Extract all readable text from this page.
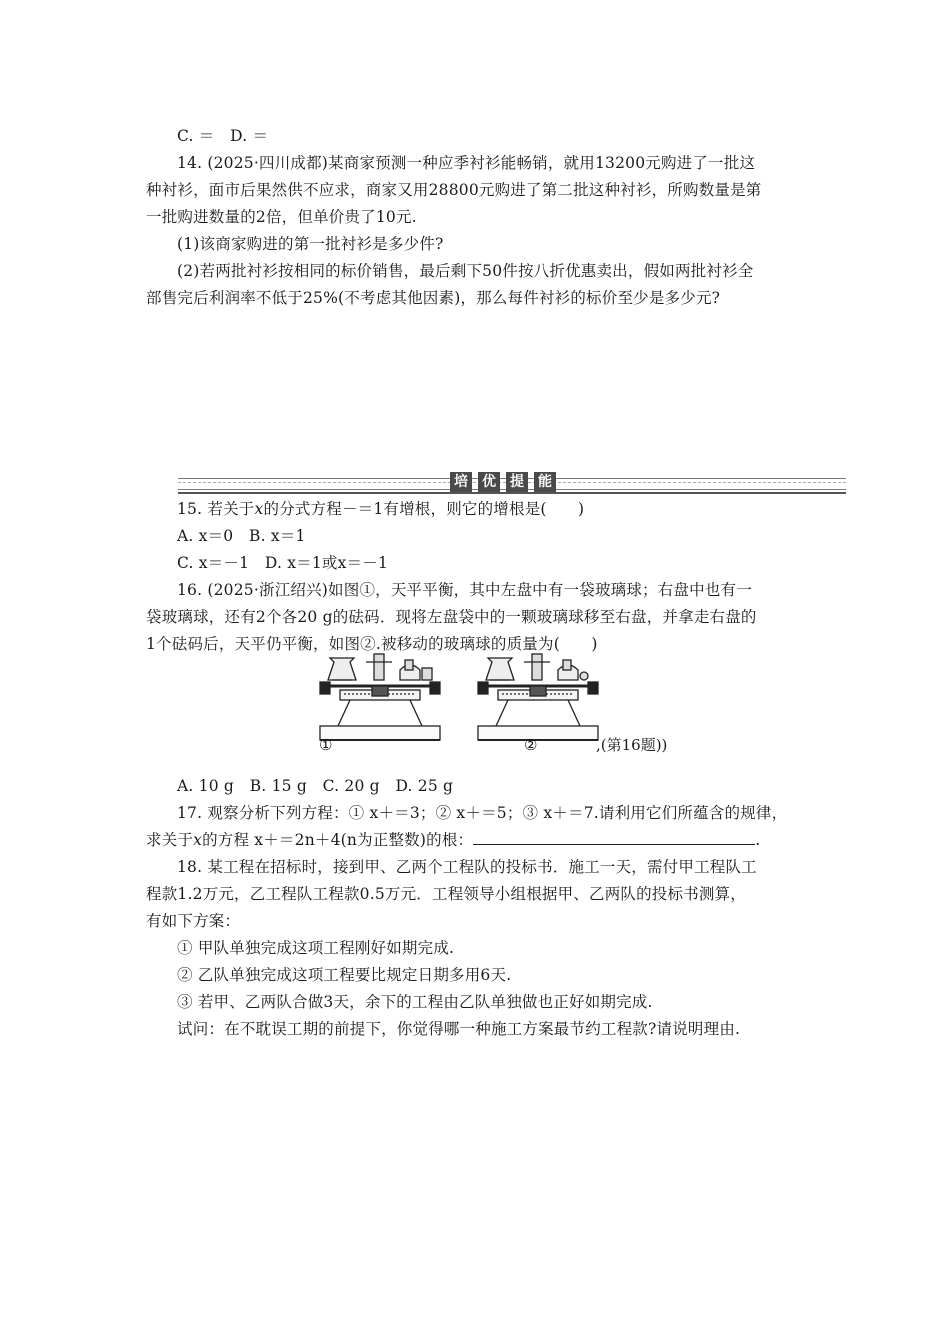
C. ＝　D. ＝
14. (2025·四川成都)某商家预测一种应季衬衫能畅销，就用13200元购进了一批这
种衬衫，面市后果然供不应求，商家又用28800元购进了第二批这种衬衫，所购数量是第
一批购进数量的2倍，但单价贵了10元.
(1)该商家购进的第一批衬衫是多少件?
(2)若两批衬衫按相同的标价销售，最后剩下50件按八折优惠卖出，假如两批衬衫全
部售完后利润率不低于25%(不考虑其他因素)，那么每件衬衫的标价至少是多少元?
培 优 提 能
15. 若关于x的分式方程－＝1有增根，则它的增根是(　　)
A. x＝0　B. x＝1
C. x＝－1　D. x＝1或x＝－1
16. (2025·浙江绍兴)如图①，天平平衡，其中左盘中有一袋玻璃球；右盘中也有一
袋玻璃球，还有2个各20 g的砝码．现将左盘袋中的一颗玻璃球移至右盘，并拿走右盘的
1个砝码后，天平仍平衡，如图②.被移动的玻璃球的质量为(　　)
①	②	,(第16题))
A. 10 g　B. 15 g　C. 20 g　D. 25 g
17. 观察分析下列方程：① x＋＝3；② x＋＝5；③ x＋＝7.请利用它们所蕴含的规律，
求关于x的方程 x＋＝2n＋4(n为正整数)的根：	.
18. 某工程在招标时，接到甲、乙两个工程队的投标书．施工一天，需付甲工程队工
程款1.2万元，乙工程队工程款0.5万元．工程领导小组根据甲、乙两队的投标书测算，
有如下方案：
① 甲队单独完成这项工程刚好如期完成.
② 乙队单独完成这项工程要比规定日期多用6天.
③ 若甲、乙两队合做3天，余下的工程由乙队单独做也正好如期完成.
试问：在不耽误工期的前提下，你觉得哪一种施工方案最节约工程款?请说明理由.
